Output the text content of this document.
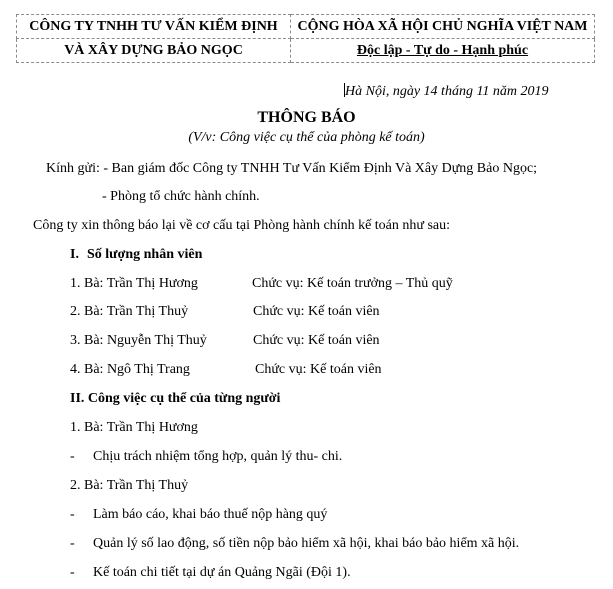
CÔNG TY TNHH TƯ VẤN KIỂM ĐỊNH	CỘNG HÒA XÃ HỘI CHỦ NGHĨA VIỆT NAM
VÀ XÂY DỰNG BẢO NGỌC	Độc lập - Tự do - Hạnh phúc
Hà Nội, ngày 14 tháng 11 năm 2019
THÔNG BÁO
(V/v: Công việc cụ thể của phòng kế toán)
Kính gửi: - Ban giám đốc Công ty TNHH Tư Vấn Kiểm Định Và Xây Dựng Bảo Ngọc;
- Phòng tổ chức hành chính.
Công ty xin thông báo lại về cơ cấu tại Phòng hành chính kế toán như sau:
I. Số lượng nhân viên
1. Bà: Trần Thị Hương	Chức vụ: Kế toán trưởng – Thủ quỹ
2. Bà: Trần Thị Thuỷ	Chức vụ: Kế toán viên
3. Bà: Nguyễn Thị Thuỷ	Chức vụ: Kế toán viên
4. Bà: Ngô Thị Trang	Chức vụ: Kế toán viên
II. Công việc cụ thể của từng người
1. Bà: Trần Thị Hương
- Chịu trách nhiệm tổng hợp, quản lý thu- chi.
2. Bà: Trần Thị Thuỷ
- Làm báo cáo, khai báo thuế nộp hàng quý
- Quản lý số lao động, số tiền nộp bảo hiểm xã hội, khai báo bảo hiểm xã hội.
- Kế toán chi tiết tại dự án Quảng Ngãi (Đội 1).
